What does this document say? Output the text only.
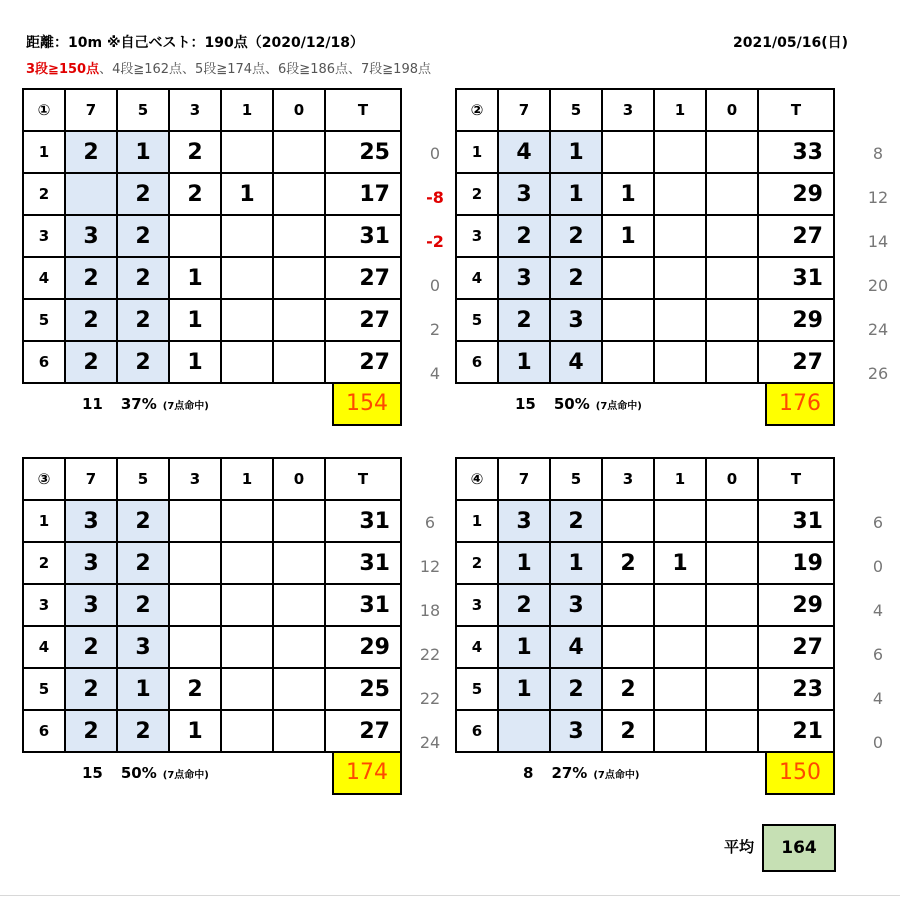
距離：10m ※自己ベスト：190点（2020/12/18）	2021/05/16(日)
3段≧150点、4段≧162点、5段≧174点、6段≧186点、7段≧198点
①	7	5	3	1	0	T
1	2	1	2			25
2		2	2	1		17
3	3	2				31
4	2	2	1			27
5	2	2	1			27
6	2	2	1			27
11 37% (7点命中)	154
0
-8
-2
0
2
4
②	7	5	3	1	0	T
1	4	1				33
2	3	1	1			29
3	2	2	1			27
4	3	2				31
5	2	3				29
6	1	4				27
15 50% (7点命中)	176
8
12
14
20
24
26
③	7	5	3	1	0	T
1	3	2				31
2	3	2				31
3	3	2				31
4	2	3				29
5	2	1	2			25
6	2	2	1			27
15 50% (7点命中)	174
6
12
18
22
22
24
④	7	5	3	1	0	T
1	3	2				31
2	1	1	2	1		19
3	2	3				29
4	1	4				27
5	1	2	2			23
6		3	2			21
8 27% (7点命中)	150
6
0
4
6
4
0
平均	164
